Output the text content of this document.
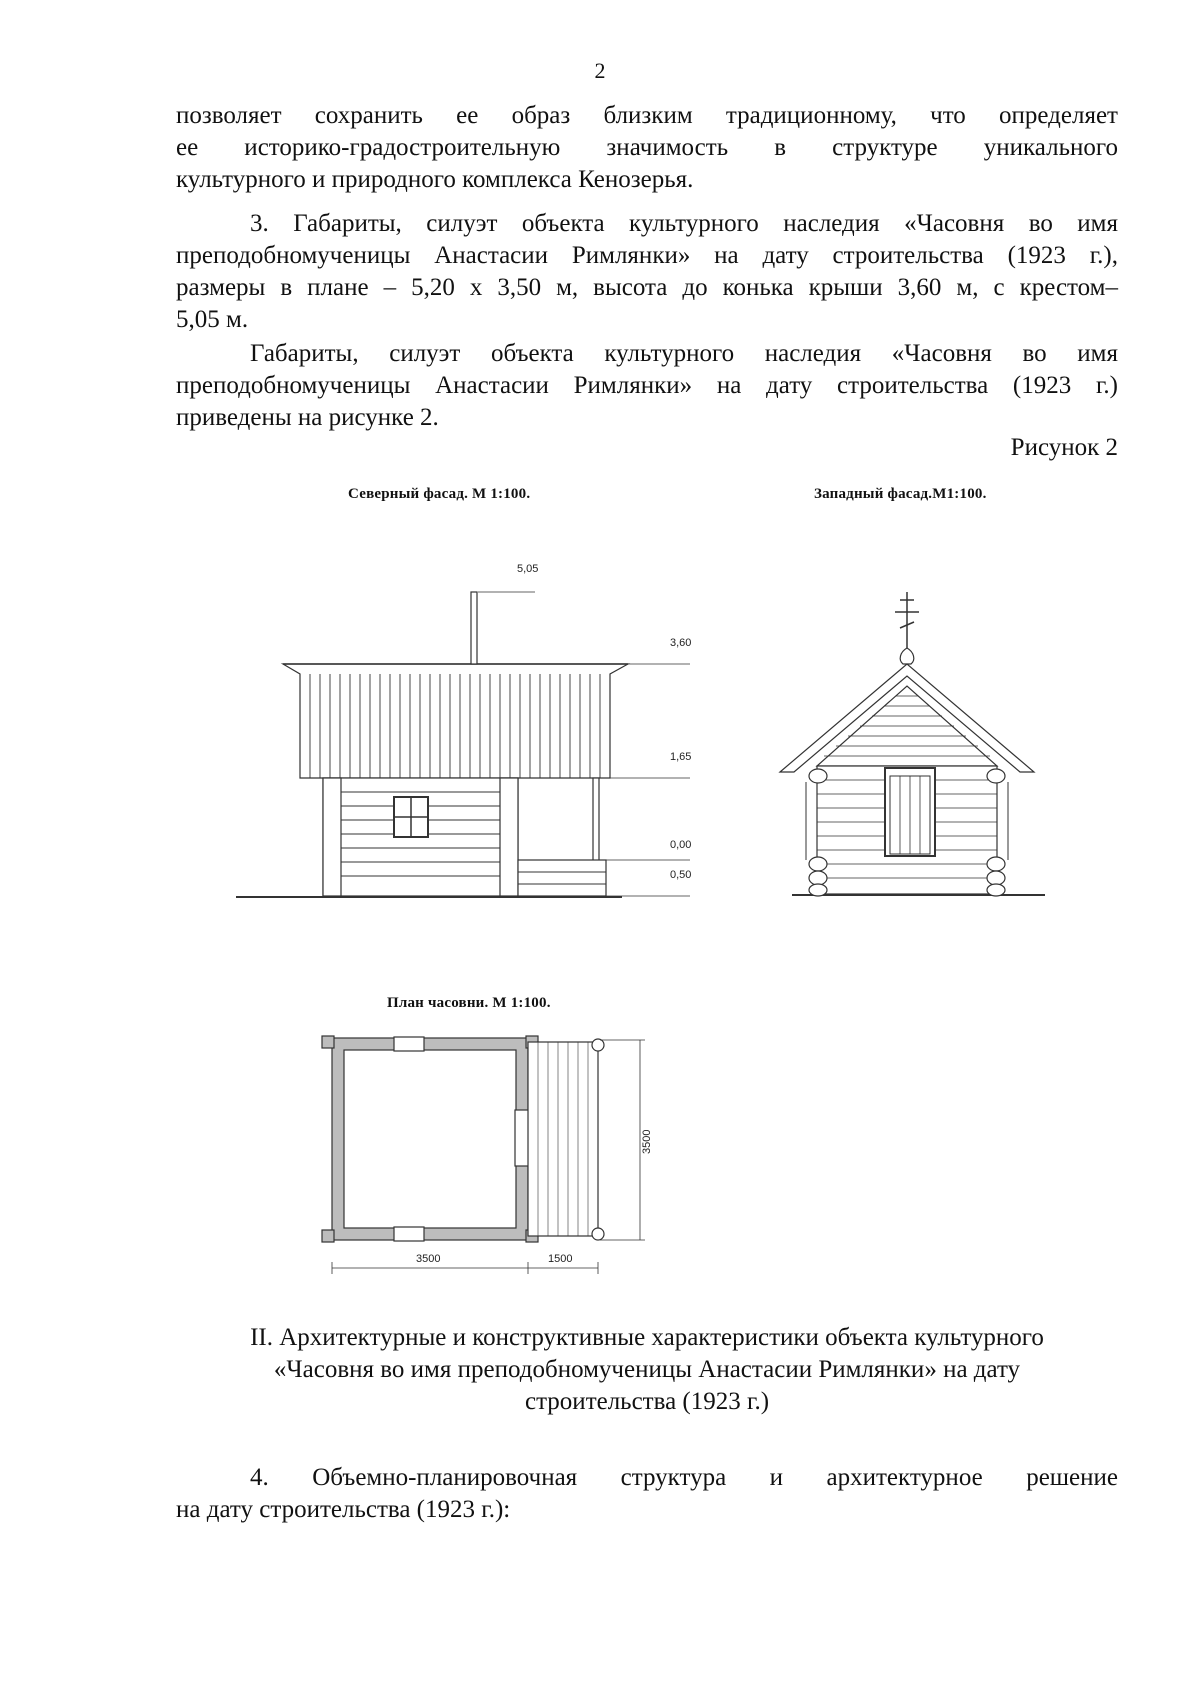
2
позволяет сохранить ее образ близким традиционному, что определяет
ее историко-градостроительную значимость в структуре уникального
культурного и природного комплекса Кенозерья.
3. Габариты, силуэт объекта культурного наследия «Часовня во имя
преподобномученицы Анастасии Римлянки» на дату строительства (1923 г.),
размеры в плане – 5,20 х 3,50 м, высота до конька крыши 3,60 м, с крестом–
5,05 м.
Габариты, силуэт объекта культурного наследия «Часовня во имя
преподобномученицы Анастасии Римлянки» на дату строительства (1923 г.)
приведены на рисунке 2.
Рисунок 2
Северный фасад. М 1:100.	Западный фасад.М1:100.
План часовни. М 1:100.
5,05
3,60
1,65
0,00
0,50
3500
3500	1500
II. Архитектурные и конструктивные характеристики объекта культурного
«Часовня во имя преподобномученицы Анастасии Римлянки» на дату
строительства (1923 г.)
4. Объемно-планировочная структура и архитектурное решение
на дату строительства (1923 г.):
